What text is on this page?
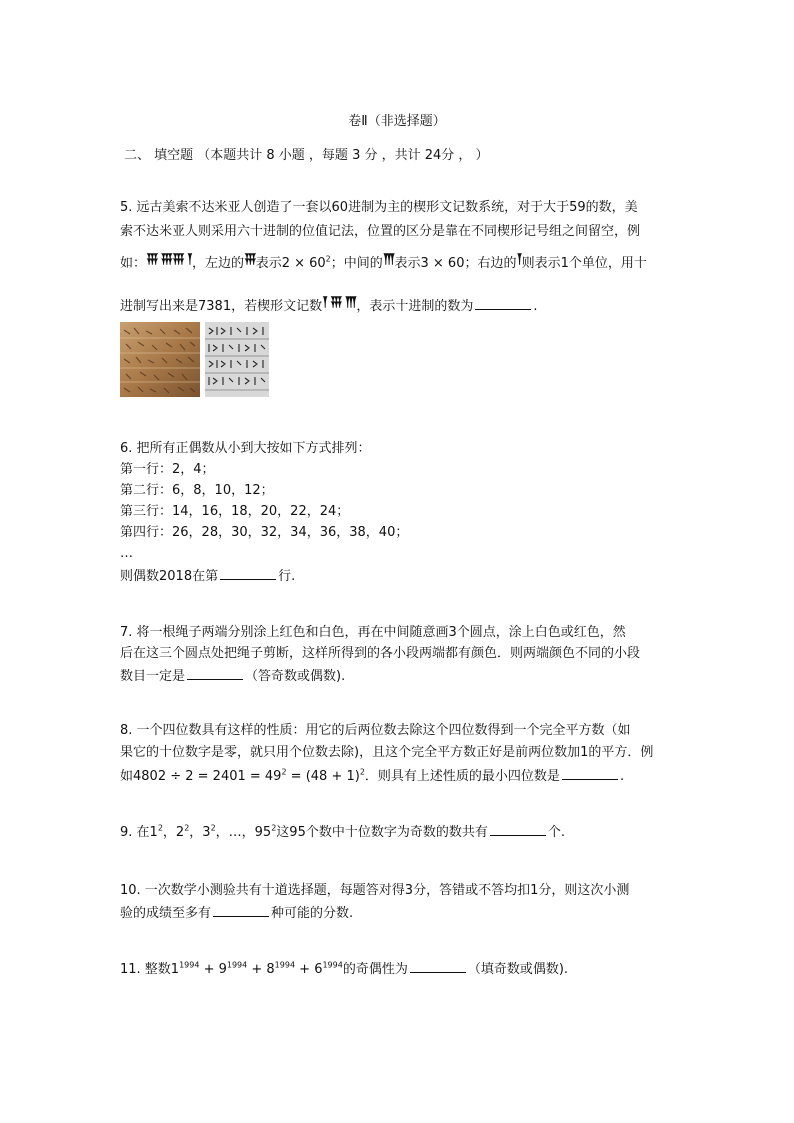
卷Ⅱ（非选择题）
二、 填空题 （本题共计 8 小题 ，每题 3 分 ，共计 24分 ， ）
5. 远古美索不达米亚人创造了一套以60进制为主的楔形文记数系统，对于大于59的数，美
索不达米亚人则采用六十进制的位值记法，位置的区分是靠在不同楔形记号组之间留空，例
如：𒐚 𒐚𒐚 𒐕，左边的𒐚表示$2 \times 60^2$；中间的𒐗表示3 × 60；右边的𒐕则表示1个单位，用十
进制写出来是7381，若楔形文记数𒐕 𒐚 𒐗，表示十进制的数为	.
6. 把所有正偶数从小到大按如下方式排列：
第一行：2，4；
第二行：6，8，10，12；
第三行：14，16，18，20，22，24；
第四行：26，28，30，32，34，36，38，40；
…
则偶数2018在第	行.
7. 将一根绳子两端分别涂上红色和白色，再在中间随意画3个圆点，涂上白色或红色，然
后在这三个圆点处把绳子剪断，这样所得到的各小段两端都有颜色．则两端颜色不同的小段
数目一定是	（答奇数或偶数).
8. 一个四位数具有这样的性质：用它的后两位数去除这个四位数得到一个完全平方数（如
果它的十位数字是零，就只用个位数去除)，且这个完全平方数正好是前两位数加1的平方．例
如$4802 \div 2 = 2401 = 49^2 = (48 + 1)^2$．则具有上述性质的最小四位数是	.
9. 在$1^2$，$2^2$，$3^2$，…，$95^2$这95个数中十位数字为奇数的数共有	个.
10. 一次数学小测验共有十道选择题，每题答对得3分，答错或不答均扣1分，则这次小测
验的成绩至多有	种可能的分数.
11. 整数$1^{1994} + 9^{1994} + 8^{1994} + 6^{1994}$的奇偶性为	（填奇数或偶数).
